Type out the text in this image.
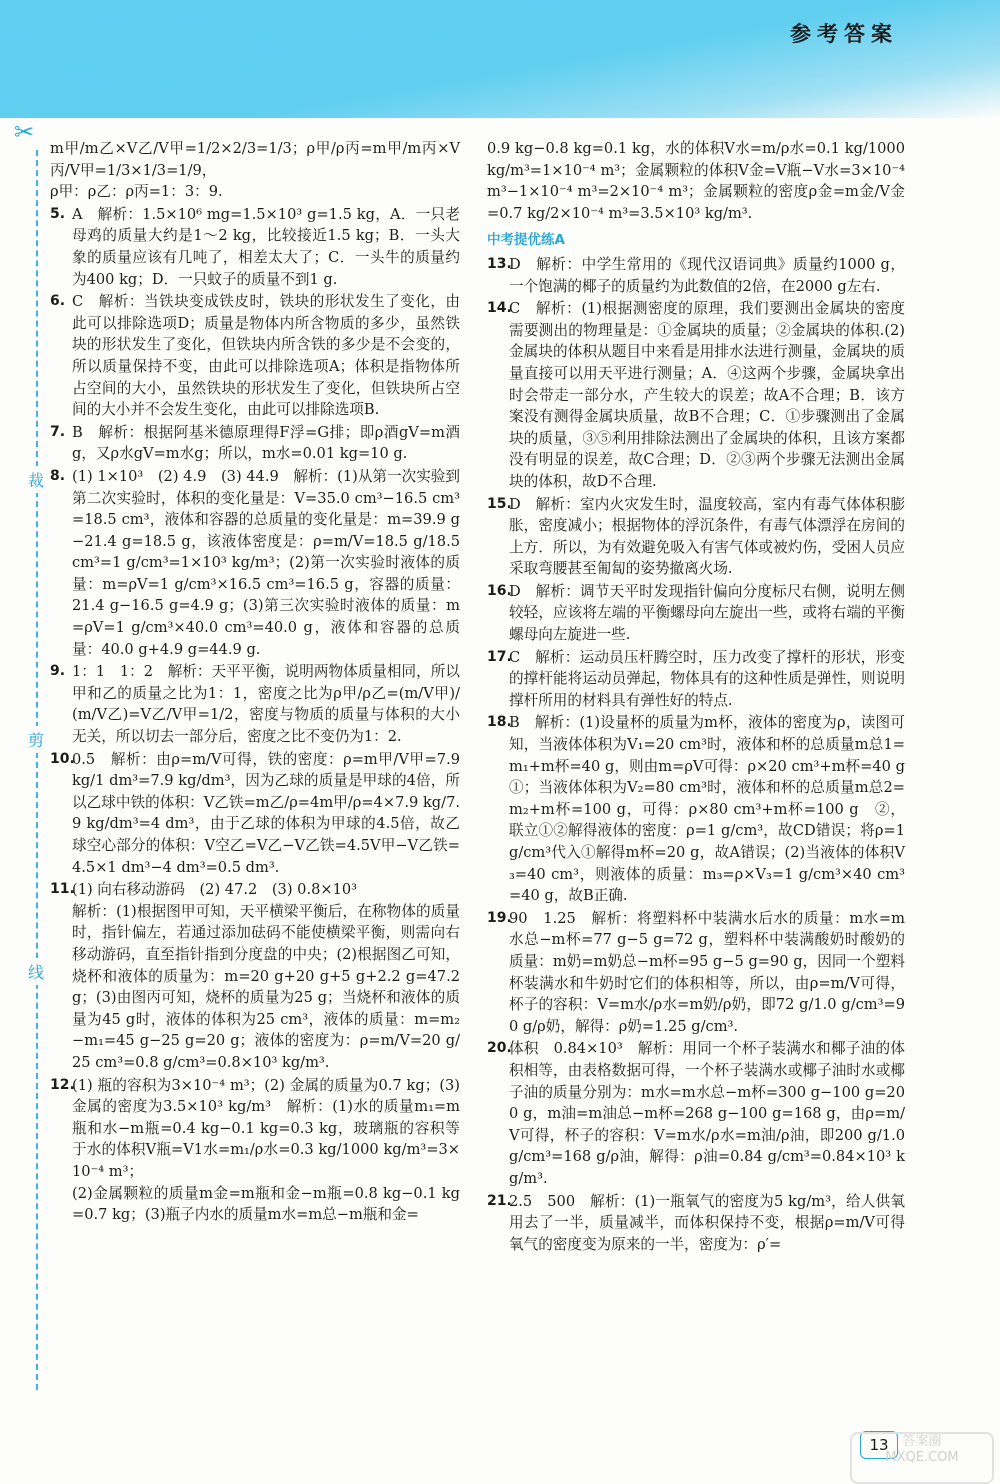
参考答案
✂
裁
剪
线
m甲/m乙×V乙/V甲=1/2×2/3=1/3；ρ甲/ρ丙=m甲/m丙×V丙/V甲=1/3×1/3=1/9，
ρ甲：ρ乙：ρ丙=1：3：9.
5. A　解析：1.5×10⁶ mg=1.5×10³ g=1.5 kg，A．一只老母鸡的质量大约是1～2 kg，比较接近1.5 kg；B．一头大象的质量应该有几吨了，相差太大了；C．一头牛的质量约为400 kg；D．一只蚊子的质量不到1 g.
6. C　解析：当铁块变成铁皮时，铁块的形状发生了变化，由此可以排除选项D；质量是物体内所含物质的多少，虽然铁块的形状发生了变化，但铁块内所含铁的多少是不会变的，所以质量保持不变，由此可以排除选项A；体积是指物体所占空间的大小，虽然铁块的形状发生了变化，但铁块所占空间的大小并不会发生变化，由此可以排除选项B.
7. B　解析：根据阿基米德原理得F浮=G排；即ρ酒gV=m酒g，又ρ水gV=m水g；所以，m水=0.01 kg=10 g.
8. (1) 1×10³　(2) 4.9　(3) 44.9　解析：(1)从第一次实验到第二次实验时，体积的变化量是：V=35.0 cm³−16.5 cm³=18.5 cm³，液体和容器的总质量的变化量是：m=39.9 g−21.4 g=18.5 g，该液体密度是：ρ=m/V=18.5 g/18.5 cm³=1 g/cm³=1×10³ kg/m³；(2)第一次实验时液体的质量：m=ρV=1 g/cm³×16.5 cm³=16.5 g，容器的质量：21.4 g−16.5 g=4.9 g；(3)第三次实验时液体的质量：m=ρV=1 g/cm³×40.0 cm³=40.0 g，液体和容器的总质量：40.0 g+4.9 g=44.9 g.
9. 1：1　1：2　解析：天平平衡，说明两物体质量相同，所以甲和乙的质量之比为1：1，密度之比为ρ甲/ρ乙=(m/V甲)/(m/V乙)=V乙/V甲=1/2，密度与物质的质量与体积的大小无关，所以切去一部分后，密度之比不变仍为1：2.
10.
0.5　解析：由ρ=m/V可得，铁的密度：ρ=m甲/V甲=7.9 kg/1 dm³=7.9 kg/dm³，因为乙球的质量是甲球的4倍，所以乙球中铁的体积：V乙铁=m乙/ρ=4m甲/ρ=4×7.9 kg/7.9 kg/dm³=4 dm³，由于乙球的体积为甲球的4.5倍，故乙球空心部分的体积：V空乙=V乙−V乙铁=4.5V甲−V乙铁=4.5×1 dm³−4 dm³=0.5 dm³.
11.
(1) 向右移动游码　(2) 47.2　(3) 0.8×10³
解析：(1)根据图甲可知，天平横梁平衡后，在称物体的质量时，指针偏左，若通过添加砝码不能使横梁平衡，则需向右移动游码，直至指针指到分度盘的中央；(2)根据图乙可知，烧杯和液体的质量为：m=20 g+20 g+5 g+2.2 g=47.2 g；(3)由图丙可知，烧杯的质量为25 g；当烧杯和液体的质量为45 g时，液体的体积为25 cm³，液体的质量：m=m₂−m₁=45 g−25 g=20 g；液体的密度为：ρ=m/V=20 g/25 cm³=0.8 g/cm³=0.8×10³ kg/m³.
12.
(1) 瓶的容积为3×10⁻⁴ m³；(2) 金属的质量为0.7 kg；(3) 金属的密度为3.5×10³ kg/m³　解析：(1)水的质量m₁=m瓶和水−m瓶=0.4 kg−0.1 kg=0.3 kg，玻璃瓶的容积等于水的体积V瓶=V1水=m₁/ρ水=0.3 kg/1000 kg/m³=3×10⁻⁴ m³；
(2)金属颗粒的质量m金=m瓶和金−m瓶=0.8 kg−0.1 kg=0.7 kg；(3)瓶子内水的质量m水=m总−m瓶和金=
0.9 kg−0.8 kg=0.1 kg，水的体积V水=m/ρ水=0.1 kg/1000 kg/m³=1×10⁻⁴ m³；金属颗粒的体积V金=V瓶−V水=3×10⁻⁴ m³−1×10⁻⁴ m³=2×10⁻⁴ m³；金属颗粒的密度ρ金=m金/V金=0.7 kg/2×10⁻⁴ m³=3.5×10³ kg/m³.
中考提优练A
13.
D　解析：中学生常用的《现代汉语词典》质量约1000 g，一个饱满的椰子的质量约为此数值的2倍，在2000 g左右.
14.
C　解析：(1)根据测密度的原理，我们要测出金属块的密度需要测出的物理量是：①金属块的质量；②金属块的体积.(2)金属块的体积从题目中来看是用排水法进行测量，金属块的质量直接可以用天平进行测量；A．④这两个步骤，金属块拿出时会带走一部分水，产生较大的误差；故A不合理；B．该方案没有测得金属块质量，故B不合理；C．①步骤测出了金属块的质量，③⑤利用排除法测出了金属块的体积，且该方案都没有明显的误差，故C合理；D．②③两个步骤无法测出金属块的体积，故D不合理.
15.
D　解析：室内火灾发生时，温度较高，室内有毒气体体积膨胀，密度减小；根据物体的浮沉条件，有毒气体漂浮在房间的上方．所以，为有效避免吸入有害气体或被灼伤，受困人员应采取弯腰甚至匍匐的姿势撤离火场.
16.
D　解析：调节天平时发现指针偏向分度标尺右侧，说明左侧较轻，应该将左端的平衡螺母向左旋出一些，或将右端的平衡螺母向左旋进一些.
17.
C　解析：运动员压杆腾空时，压力改变了撑杆的形状，形变的撑杆能将运动员弹起，物体具有的这种性质是弹性，则说明撑杆所用的材料具有弹性好的特点.
18.
B　解析：(1)设量杯的质量为m杯，液体的密度为ρ，读图可知，当液体体积为V₁=20 cm³时，液体和杯的总质量m总1=m₁+m杯=40 g，则由m=ρV可得：ρ×20 cm³+m杯=40 g　①；当液体体积为V₂=80 cm³时，液体和杯的总质量m总2=m₂+m杯=100 g，可得：ρ×80 cm³+m杯=100 g　②，联立①②解得液体的密度：ρ=1 g/cm³，故CD错误；将ρ=1 g/cm³代入①解得m杯=20 g，故A错误；(2)当液体的体积V₃=40 cm³，则液体的质量：m₃=ρ×V₃=1 g/cm³×40 cm³=40 g，故B正确.
19.
90　1.25　解析：将塑料杯中装满水后水的质量：m水=m水总−m杯=77 g−5 g=72 g，塑料杯中装满酸奶时酸奶的质量：m奶=m奶总−m杯=95 g−5 g=90 g，因同一个塑料杯装满水和牛奶时它们的体积相等，所以，由ρ=m/V可得，杯子的容积：V=m水/ρ水=m奶/ρ奶，即72 g/1.0 g/cm³=90 g/ρ奶，解得：ρ奶=1.25 g/cm³.
20.
体积　0.84×10³　解析：用同一个杯子装满水和椰子油的体积相等，由表格数据可得，一个杯子装满水或椰子油时水或椰子油的质量分别为：m水=m水总−m杯=300 g−100 g=200 g，m油=m油总−m杯=268 g−100 g=168 g，由ρ=m/V可得，杯子的容积：V=m水/ρ水=m油/ρ油，即200 g/1.0 g/cm³=168 g/ρ油，解得：ρ油=0.84 g/cm³=0.84×10³ kg/m³.
21.
2.5　500　解析：(1)一瓶氧气的密度为5 kg/m³，给人供氧用去了一半，质量减半，而体积保持不变，根据ρ=m/V可得氧气的密度变为原来的一半，密度为：ρ′=
13	答案圈
MXQE.COM
